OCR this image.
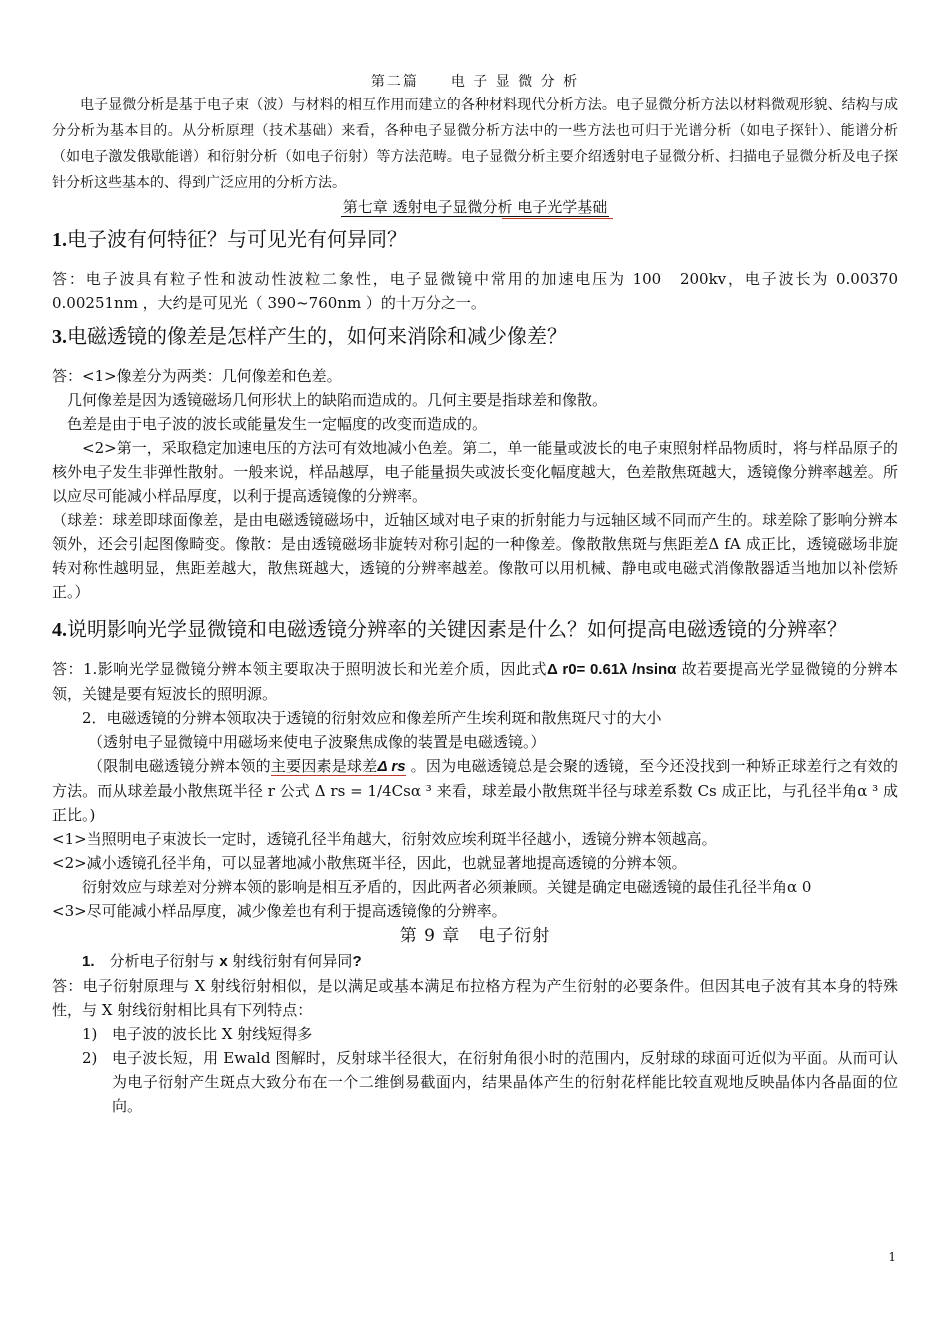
第二篇　　电 子 显 微 分 析

电子显微分析是基于电子束（波）与材料的相互作用而建立的各种材料现代分析方法。电子显微分析方法以材料微观形貌、结构与成分分析为基本目的。从分析原理（技术基础）来看，各种电子显微分析方法中的一些方法也可归于光谱分析（如电子探针）、能谱分析（如电子激发俄歇能谱）和衍射分析（如电子衍射）等方法范畴。电子显微分析主要介绍透射电子显微分析、扫描电子显微分析及电子探针分析这些基本的、得到广泛应用的分析方法。

第七章 透射电子显微分析 电子光学基础

1.电子波有何特征？与可见光有何异同？

答：电子波具有粒子性和波动性波粒二象性，电子显微镜中常用的加速电压为 100　200kv，电子波长为 0.00370　0.00251nm ，大约是可见光（ 390~760nm ）的十万分之一。

3.电磁透镜的像差是怎样产生的，如何来消除和减少像差？

答：<1>像差分为两类：几何像差和色差。

几何像差是因为透镜磁场几何形状上的缺陷而造成的。几何主要是指球差和像散。

色差是由于电子波的波长或能量发生一定幅度的改变而造成的。

<2>第一，采取稳定加速电压的方法可有效地减小色差。第二，单一能量或波长的电子束照射样品物质时，将与样品原子的核外电子发生非弹性散射。一般来说，样品越厚，电子能量损失或波长变化幅度越大，色差散焦斑越大，透镜像分辨率越差。所以应尽可能减小样品厚度，以利于提高透镜像的分辨率。

（球差：球差即球面像差，是由电磁透镜磁场中，近轴区域对电子束的折射能力与远轴区域不同而产生的。球差除了影响分辨本领外，还会引起图像畸变。像散：是由透镜磁场非旋转对称引起的一种像差。像散散焦斑与焦距差Δ fA 成正比，透镜磁场非旋转对称性越明显，焦距差越大，散焦斑越大，透镜的分辨率越差。像散可以用机械、静电或电磁式消像散器适当地加以补偿矫正。）

4.说明影响光学显微镜和电磁透镜分辨率的关键因素是什么？如何提高电磁透镜的分辨率？

答：1.影响光学显微镜分辨本领主要取决于照明波长和光差介质，因此式Δ r0= 0.61λ /nsinα 故若要提高光学显微镜的分辨本领，关键是要有短波长的照明源。

2．电磁透镜的分辨本领取决于透镜的衍射效应和像差所产生埃利斑和散焦斑尺寸的大小

（透射电子显微镜中用磁场来使电子波聚焦成像的装置是电磁透镜。）

（限制电磁透镜分辨本领的主要因素是球差Δ rs 。因为电磁透镜总是会聚的透镜，至今还没找到一种矫正球差行之有效的方法。而从球差最小散焦斑半径 r 公式 Δ rs = 1/4Csα ³ 来看，球差最小散焦斑半径与球差系数 Cs 成正比，与孔径半角α ³ 成正比。)

<1>当照明电子束波长一定时，透镜孔径半角越大，衍射效应埃利斑半径越小，透镜分辨本领越高。

<2>减小透镜孔径半角，可以显著地减小散焦斑半径，因此，也就显著地提高透镜的分辨本领。

衍射效应与球差对分辨本领的影响是相互矛盾的，因此两者必须兼顾。关键是确定电磁透镜的最佳孔径半角α 0

<3>尽可能减小样品厚度，减少像差也有利于提高透镜像的分辨率。

第 9 章　电子衍射

1.　 分析电子衍射与 x 射线衍射有何异同?

答：电子衍射原理与 X 射线衍射相似，是以满足或基本满足布拉格方程为产生衍射的必要条件。但因其电子波有其本身的特殊性，与 X 射线衍射相比具有下列特点：

1) 电子波的波长比 X 射线短得多
2) 电子波长短，用 Ewald 图解时，反射球半径很大，在衍射角很小时的范围内，反射球的球面可近似为平面。从而可认为电子衍射产生斑点大致分布在一个二维倒易截面内，结果晶体产生的衍射花样能比较直观地反映晶体内各晶面的位向。
1
